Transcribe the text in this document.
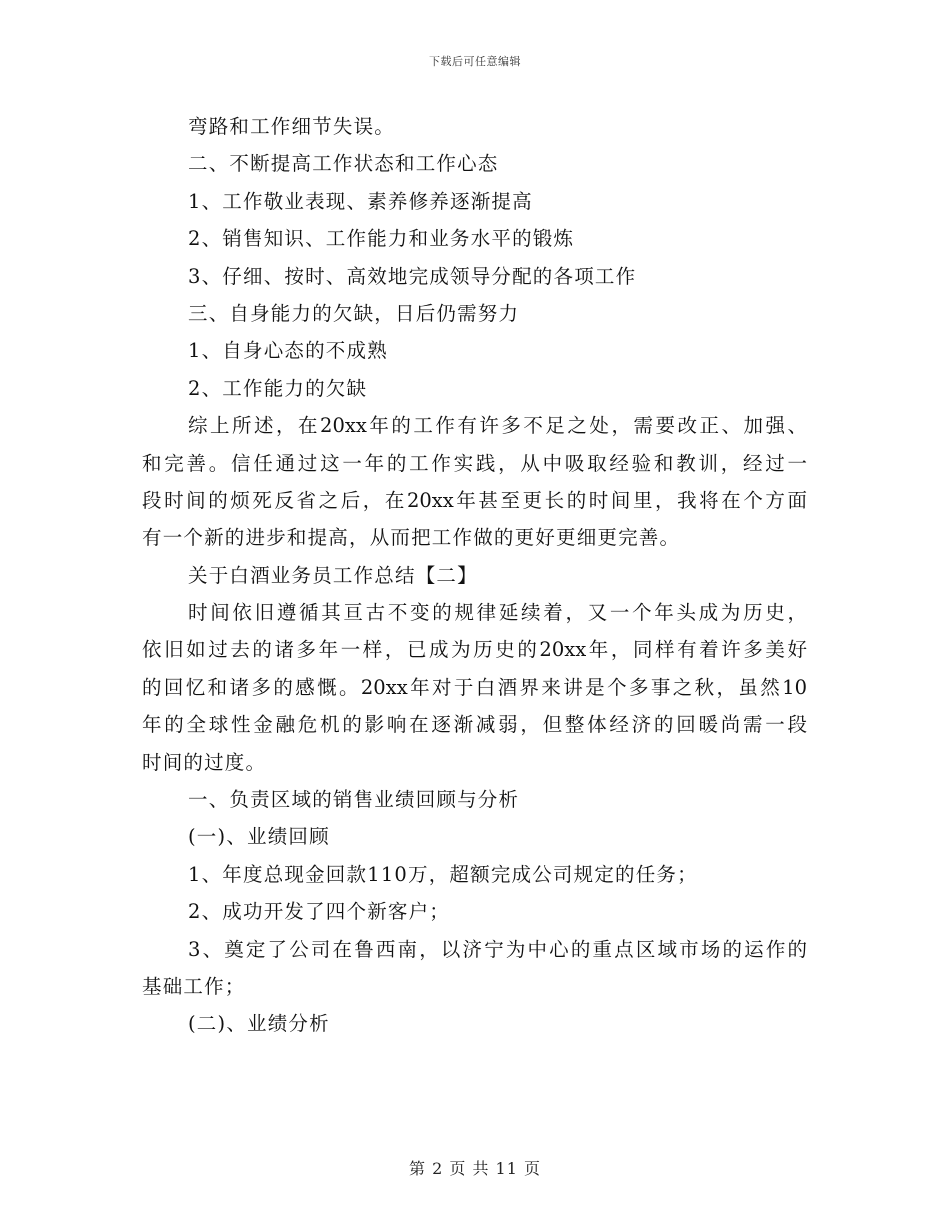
下载后可任意编辑
弯路和工作细节失误。
二、不断提高工作状态和工作心态
1、工作敬业表现、素养修养逐渐提高
2、销售知识、工作能力和业务水平的锻炼
3、仔细、按时、高效地完成领导分配的各项工作
三、自身能力的欠缺，日后仍需努力
1、自身心态的不成熟
2、工作能力的欠缺
综上所述，在20xx年的工作有许多不足之处，需要改正、加强、
和完善。信任通过这一年的工作实践，从中吸取经验和教训，经过一
段时间的烦死反省之后，在20xx年甚至更长的时间里，我将在个方面
有一个新的进步和提高，从而把工作做的更好更细更完善。
关于白酒业务员工作总结【二】
时间依旧遵循其亘古不变的规律延续着，又一个年头成为历史，
依旧如过去的诸多年一样，已成为历史的20xx年，同样有着许多美好
的回忆和诸多的感慨。20xx年对于白酒界来讲是个多事之秋，虽然10
年的全球性金融危机的影响在逐渐减弱，但整体经济的回暖尚需一段
时间的过度。
一、负责区域的销售业绩回顾与分析
(一)、业绩回顾
1、年度总现金回款110万，超额完成公司规定的任务；
2、成功开发了四个新客户；
3、奠定了公司在鲁西南，以济宁为中心的重点区域市场的运作的
基础工作；
(二)、业绩分析
第 2 页 共 11 页
